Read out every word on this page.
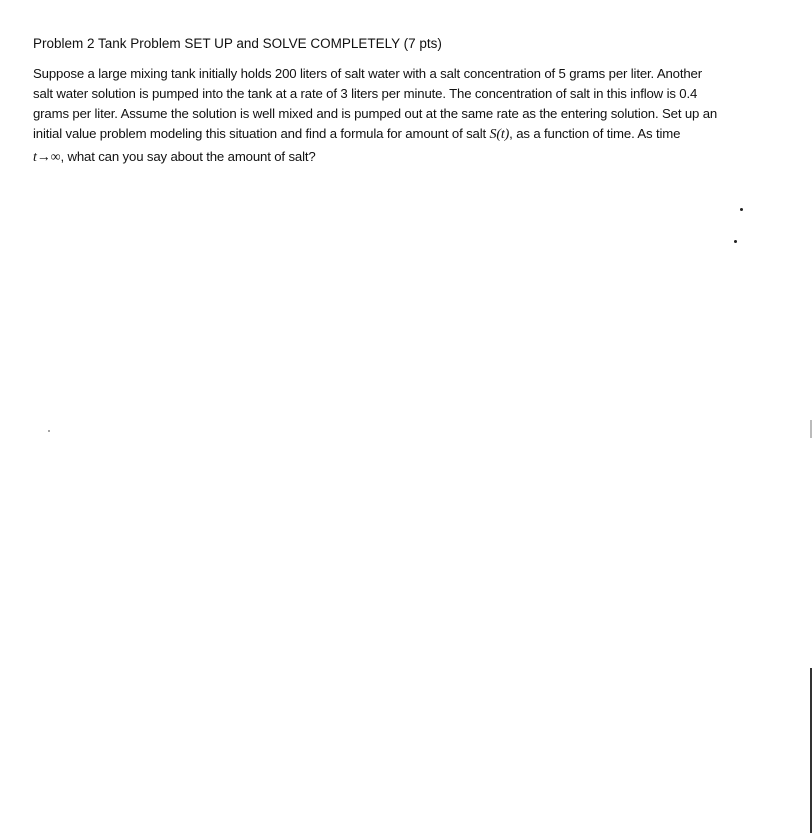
Problem 2 Tank Problem SET UP and SOLVE COMPLETELY (7 pts)
Suppose a large mixing tank initially holds 200 liters of salt water with a salt concentration of 5 grams per liter. Another
salt water solution is pumped into the tank at a rate of 3 liters per minute. The concentration of salt in this inflow is 0.4
grams per liter. Assume the solution is well mixed and is pumped out at the same rate as the entering solution. Set up an
initial value problem modeling this situation and find a formula for amount of salt S(t), as a function of time. As time
t→∞, what can you say about the amount of salt?
